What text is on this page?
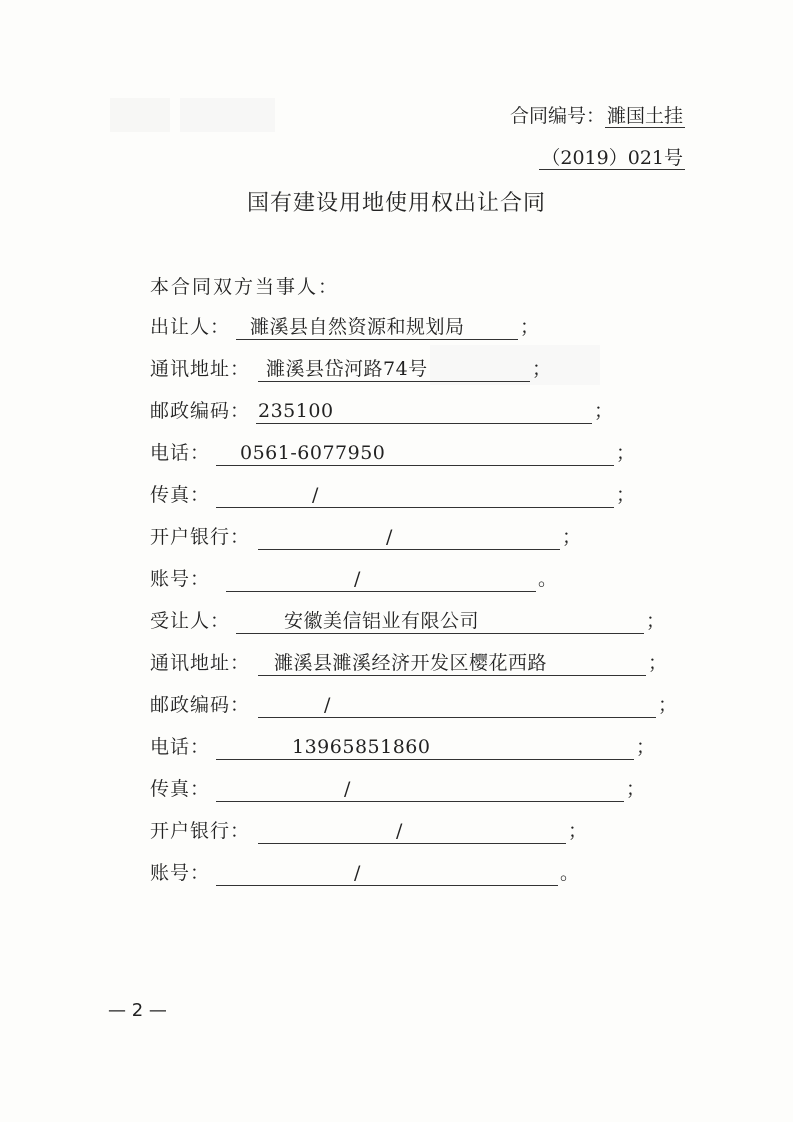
合同编号： 濉国土挂
（2019）021号
国有建设用地使用权出让合同
本合同双方当事人：
出让人： 濉溪县自然资源和规划局	；
通讯地址： 濉溪县岱河路74号	；
邮政编码： 235100	；
电话： 0561-6077950	；
传真：	/	；
开户银行：	/	；
账号：	/	。
受让人：	安徽美信铝业有限公司	；
通讯地址： 濉溪县濉溪经济开发区樱花西路	；
邮政编码：	/	；
电话：	13965851860	；
传真：	/	；
开户银行：	/	；
账号：	/	。
— 2 —
